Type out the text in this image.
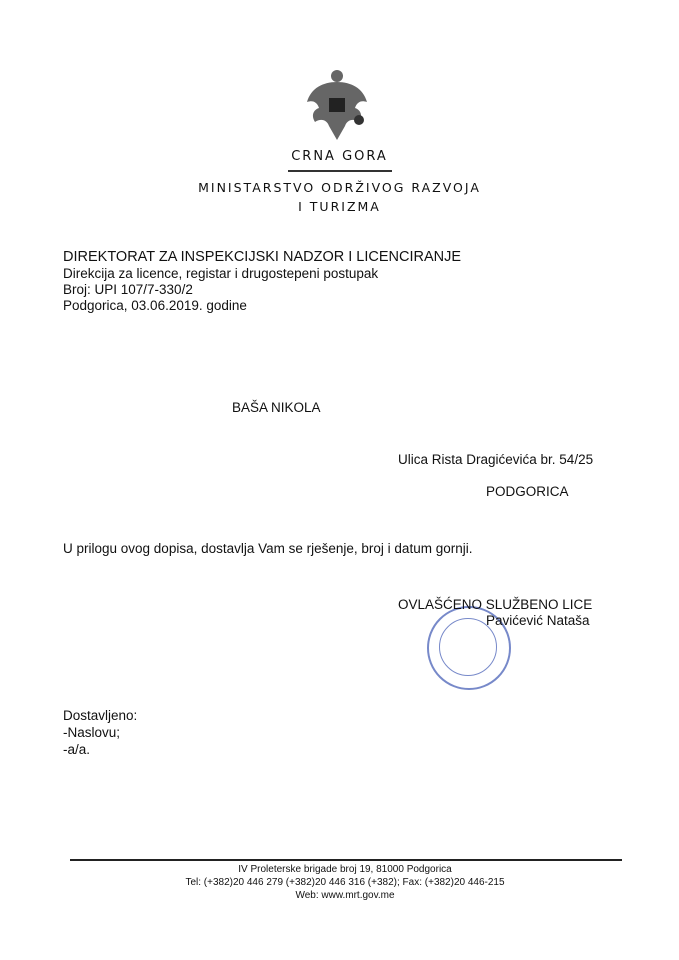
CRNA GORA
MINISTARSTVO ODRŽIVOG RAZVOJA
I TURIZMA
DIREKTORAT ZA INSPEKCIJSKI NADZOR I LICENCIRANJE
Direkcija za licence, registar i drugostepeni postupak
Broj: UPI 107/7-330/2
Podgorica, 03.06.2019. godine
BAŠA NIKOLA
Ulica Rista Dragićevića br. 54/25
PODGORICA
U prilogu ovog dopisa, dostavlja Vam se rješenje, broj i datum gornji.
OVLAŠĆENO SLUŽBENO LICE
Pavićević Nataša
Dostavljeno:
-Naslovu;
-a/a.
IV Proleterske brigade broj 19, 81000 Podgorica
Tel: (+382)20 446 279 (+382)20 446 316 (+382); Fax: (+382)20 446-215
Web: www.mrt.gov.me
